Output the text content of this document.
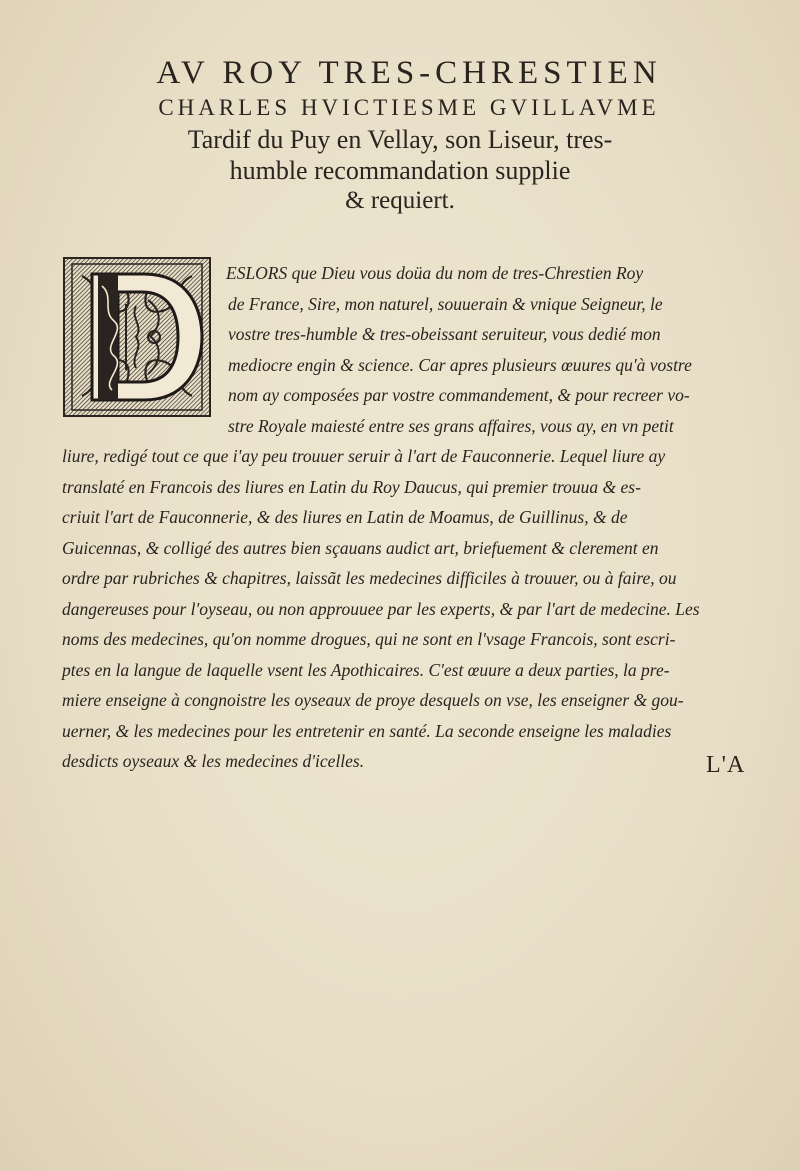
AV ROY TRES-CHRESTIEN
CHARLES HVICTIESME GVILLAVME
Tardif du Puy en Vellay, son Liseur, tres-
humble recommandation supplie
& requiert.
ESLORS que Dieu vous doüa du nom de tres-Chrestien Roy
de France, Sire, mon naturel, souuerain & vnique Seigneur, le
vostre tres-humble & tres-obeissant seruiteur, vous dedié mon
mediocre engin & science. Car apres plusieurs œuures qu'à vostre
nom ay composées par vostre commandement, & pour recreer vo-
stre Royale maiesté entre ses grans affaires, vous ay, en vn petit
liure, redigé tout ce que i'ay peu trouuer seruir à l'art de Fauconnerie. Lequel liure ay
translaté en Francois des liures en Latin du Roy Daucus, qui premier trouua & es-
criuit l'art de Fauconnerie, & des liures en Latin de Moamus, de Guillinus, & de
Guicennas, & colligé des autres bien sçauans audict art, briefuement & clerement en
ordre par rubriches & chapitres, laissãt les medecines difficiles à trouuer, ou à faire, ou
dangereuses pour l'oyseau, ou non approuuee par les experts, & par l'art de medecine. Les
noms des medecines, qu'on nomme drogues, qui ne sont en l'vsage Francois, sont escri-
ptes en la langue de laquelle vsent les Apothicaires. C'est œuure a deux parties, la pre-
miere enseigne à congnoistre les oyseaux de proye desquels on vse, les enseigner & gou-
uerner, & les medecines pour les entretenir en santé. La seconde enseigne les maladies
desdicts oyseaux & les medecines d'icelles.	L'A
